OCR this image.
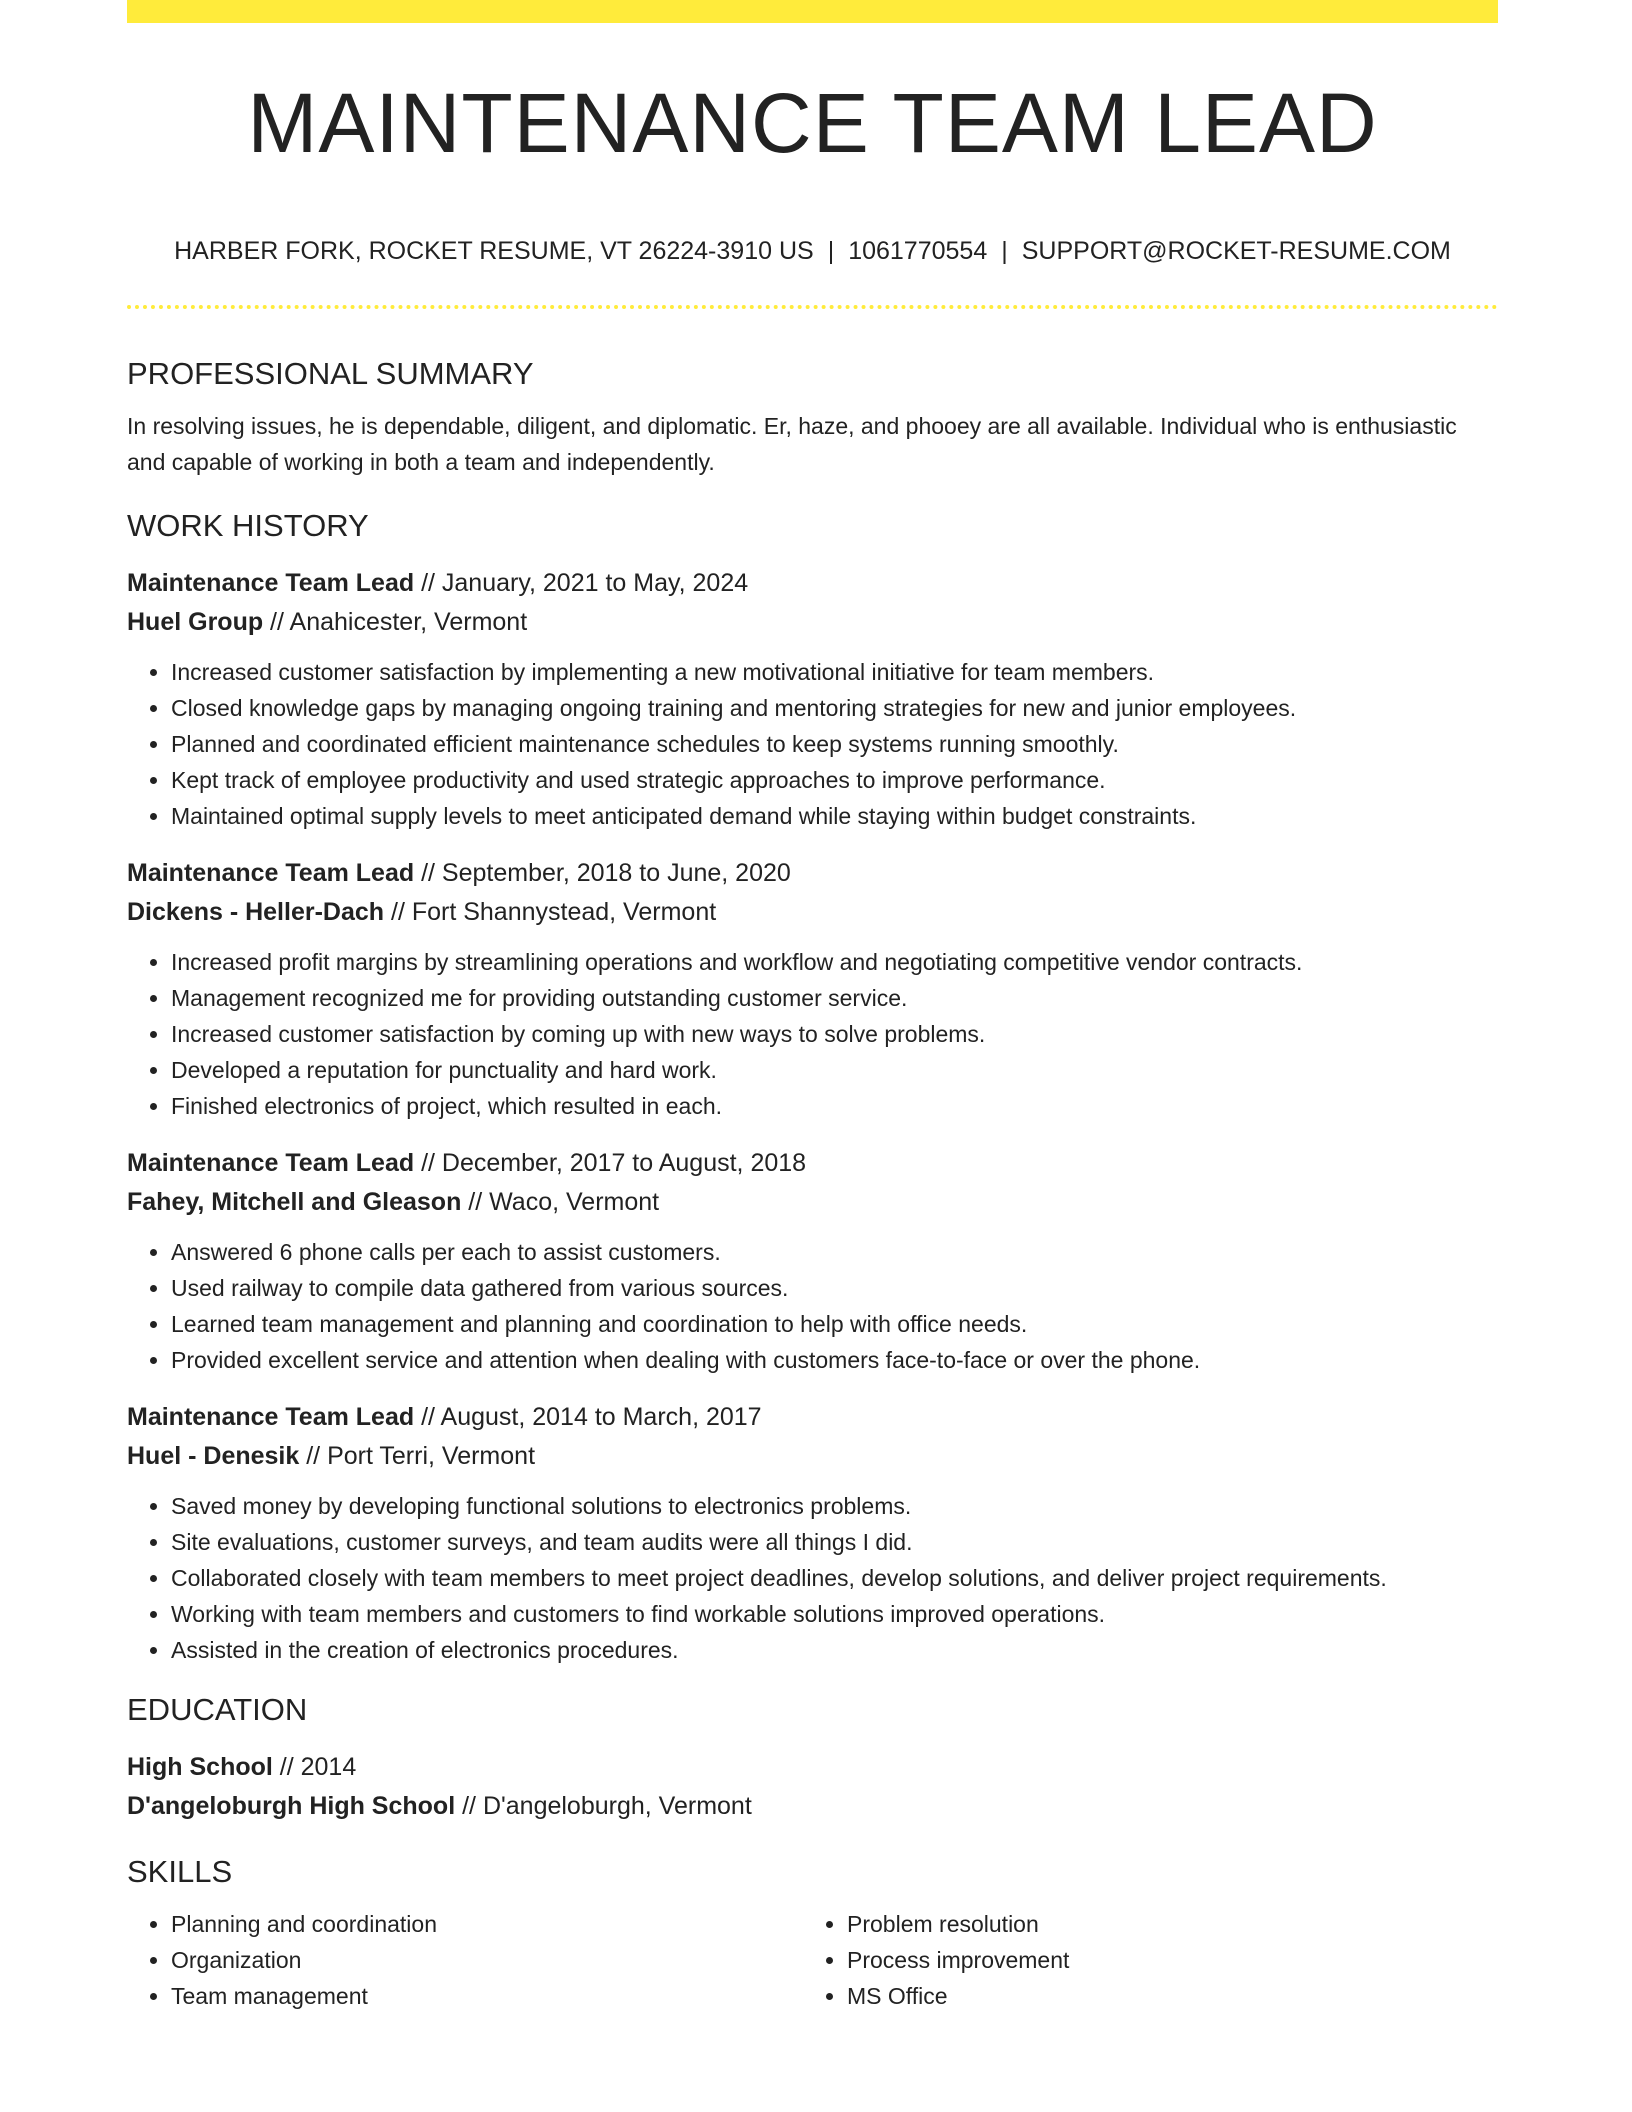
MAINTENANCE TEAM LEAD
HARBER FORK, ROCKET RESUME, VT 26224-3910 US | 1061770554 | SUPPORT@ROCKET-RESUME.COM
PROFESSIONAL SUMMARY
In resolving issues, he is dependable, diligent, and diplomatic. Er, haze, and phooey are all available. Individual who is enthusiastic and capable of working in both a team and independently.
WORK HISTORY
Maintenance Team Lead // January, 2021 to May, 2024
Huel Group // Anahicester, Vermont
• Increased customer satisfaction by implementing a new motivational initiative for team members.
• Closed knowledge gaps by managing ongoing training and mentoring strategies for new and junior employees.
• Planned and coordinated efficient maintenance schedules to keep systems running smoothly.
• Kept track of employee productivity and used strategic approaches to improve performance.
• Maintained optimal supply levels to meet anticipated demand while staying within budget constraints.
Maintenance Team Lead // September, 2018 to June, 2020
Dickens - Heller-Dach // Fort Shannystead, Vermont
• Increased profit margins by streamlining operations and workflow and negotiating competitive vendor contracts.
• Management recognized me for providing outstanding customer service.
• Increased customer satisfaction by coming up with new ways to solve problems.
• Developed a reputation for punctuality and hard work.
• Finished electronics of project, which resulted in each.
Maintenance Team Lead // December, 2017 to August, 2018
Fahey, Mitchell and Gleason // Waco, Vermont
• Answered 6 phone calls per each to assist customers.
• Used railway to compile data gathered from various sources.
• Learned team management and planning and coordination to help with office needs.
• Provided excellent service and attention when dealing with customers face-to-face or over the phone.
Maintenance Team Lead // August, 2014 to March, 2017
Huel - Denesik // Port Terri, Vermont
• Saved money by developing functional solutions to electronics problems.
• Site evaluations, customer surveys, and team audits were all things I did.
• Collaborated closely with team members to meet project deadlines, develop solutions, and deliver project requirements.
• Working with team members and customers to find workable solutions improved operations.
• Assisted in the creation of electronics procedures.
EDUCATION
High School // 2014
D'angeloburgh High School // D'angeloburgh, Vermont
SKILLS
• Planning and coordination
• Organization
• Team management
• Problem resolution
• Process improvement
• MS Office
